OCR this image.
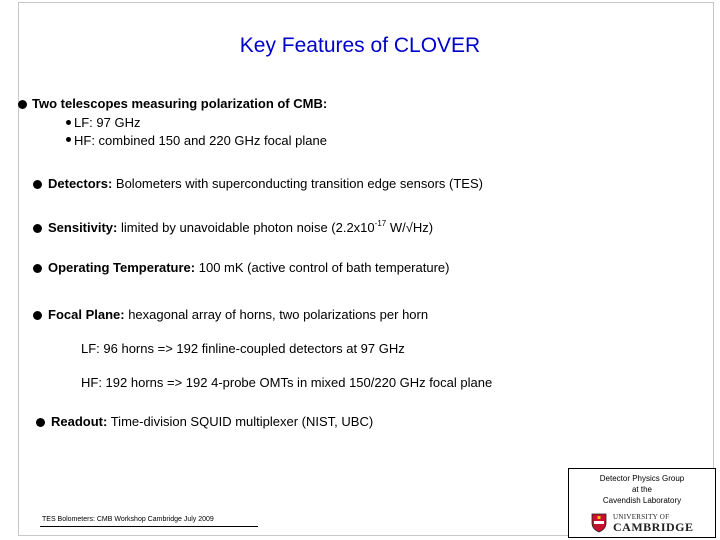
Key Features of CLOVER
Two telescopes measuring polarization of CMB:
LF: 97 GHz
HF: combined 150 and 220 GHz focal plane
Detectors: Bolometers with superconducting transition edge sensors (TES)
Sensitivity: limited by unavoidable photon noise ($2.2x10^{-17}$ W/√Hz)
Operating Temperature: 100 mK (active control of bath temperature)
Focal Plane: hexagonal array of horns, two polarizations per horn
LF: 96 horns => 192 finline-coupled detectors at 97 GHz
HF: 192 horns => 192 4-probe OMTs in mixed 150/220 GHz focal plane
Readout: Time-division SQUID multiplexer (NIST, UBC)
TES Bolometers: CMB Workshop Cambridge July 2009
Detector Physics Group
at the
Cavendish Laboratory
UNIVERSITY OF
CAMBRIDGE
